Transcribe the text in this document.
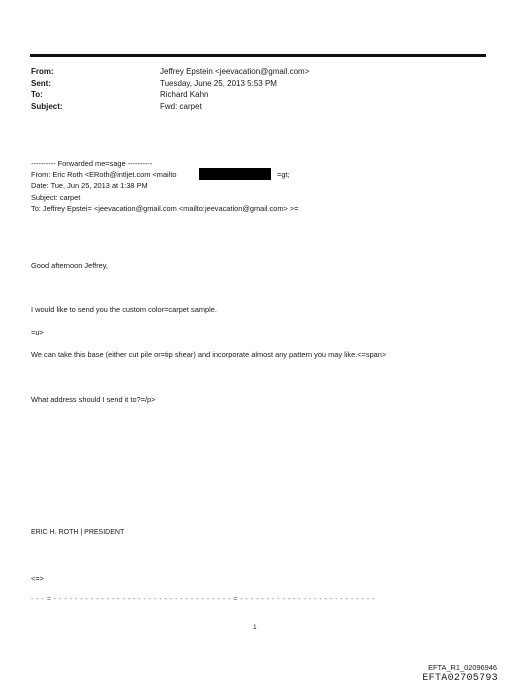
From:	Jeffrey Epstein <jeevacation@gmail.com>
Sent:	Tuesday, June 25, 2013 5:53 PM
To:	Richard Kahn
Subject:	Fwd: carpet
---------- Forwarded me=sage ----------
From: Eric Roth <ERoth@intljet.com <mailto	=gt;
Date: Tue, Jun 25, 2013 at 1:38 PM
Subject: carpet
To: Jeffrey Epstei= <jeevacation@gmail.com <mailto:jeevacation@gmail.com> >=
Good afternoon Jeffrey,
I would like to send you the custom color=carpet sample.
=u>
We can take this base (either cut pile or=tip shear) and incorporate almost any pattern you may like.<=span>
What address should I send it to?=/p>
ERIC H. ROTH | PRESIDENT
<=>
- - - = - - - - - - - - - - - - - - - - - - - - - - - - - - - - - - - - - - = - - - - - - - - - - - - - - - - - - - - - - - - - -
1
EFTA_R1_02096946
EFTA02705793
